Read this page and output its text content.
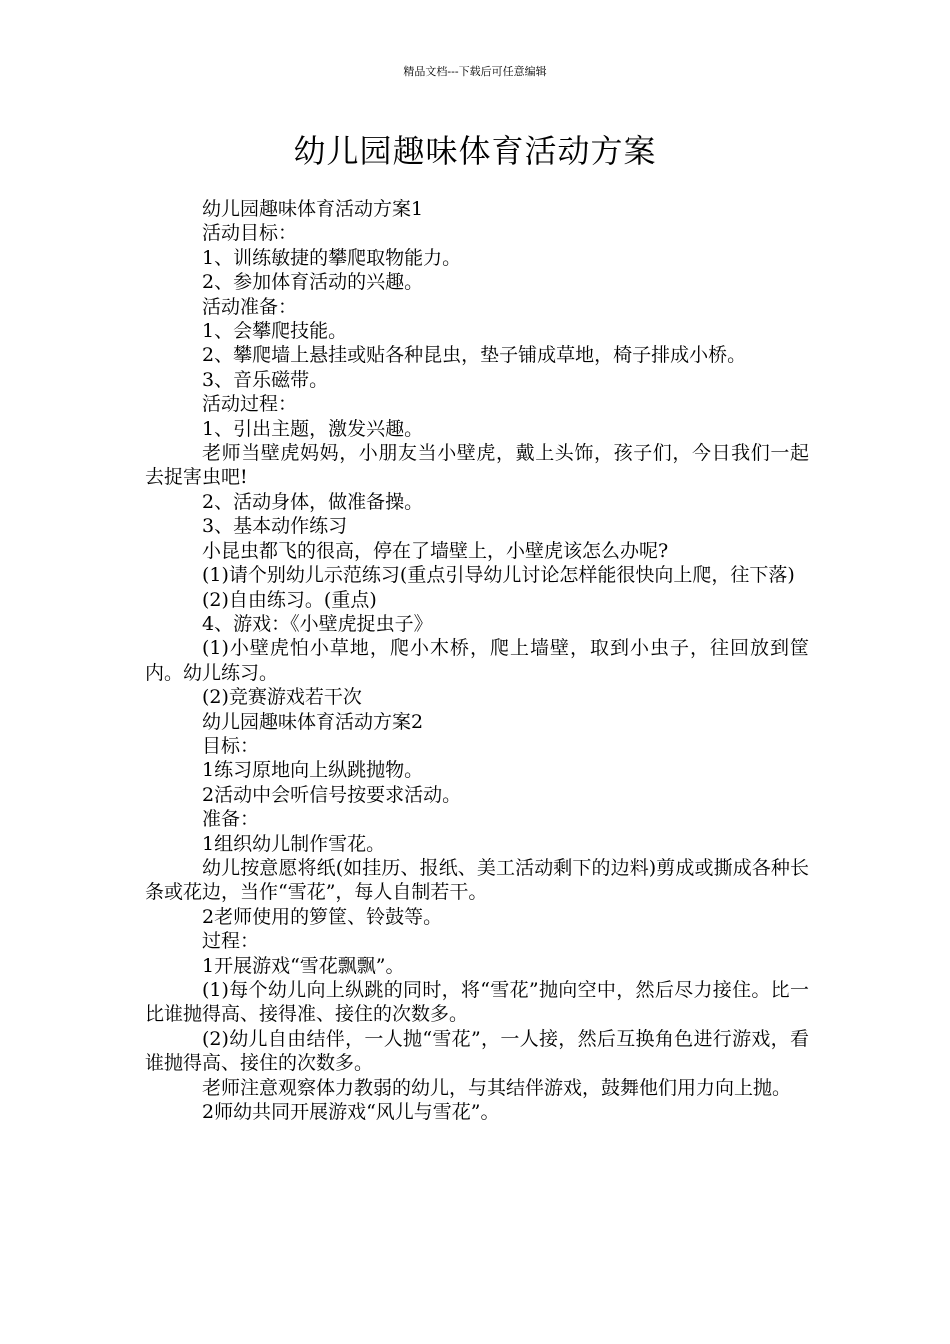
精品文档---下载后可任意编辑
幼儿园趣味体育活动方案

幼儿园趣味体育活动方案1

活动目标：

1、训练敏捷的攀爬取物能力。

2、参加体育活动的兴趣。

活动准备：

1、会攀爬技能。

2、攀爬墙上悬挂或贴各种昆虫，垫子铺成草地，椅子排成小桥。

3、音乐磁带。

活动过程：

1、引出主题，激发兴趣。

老师当壁虎妈妈，小朋友当小壁虎，戴上头饰，孩子们，今日我们一起去捉害虫吧!

2、活动身体，做准备操。

3、基本动作练习

小昆虫都飞的很高，停在了墙壁上，小壁虎该怎么办呢?

(1)请个别幼儿示范练习(重点引导幼儿讨论怎样能很快向上爬，往下落)

(2)自由练习。(重点)

4、游戏：《小壁虎捉虫子》

(1)小壁虎怕小草地，爬小木桥，爬上墙壁，取到小虫子，往回放到筐内。幼儿练习。

(2)竞赛游戏若干次

幼儿园趣味体育活动方案2

目标：

1练习原地向上纵跳抛物。

2活动中会听信号按要求活动。

准备：

1组织幼儿制作雪花。

幼儿按意愿将纸(如挂历、报纸、美工活动剩下的边料)剪成或撕成各种长条或花边，当作“雪花”，每人自制若干。

2老师使用的箩筐、铃鼓等。

过程：

1开展游戏“雪花飘飘”。

(1)每个幼儿向上纵跳的同时，将“雪花”抛向空中，然后尽力接住。比一比谁抛得高、接得准、接住的次数多。

(2)幼儿自由结伴，一人抛“雪花”，一人接，然后互换角色进行游戏，看谁抛得高、接住的次数多。

老师注意观察体力教弱的幼儿，与其结伴游戏，鼓舞他们用力向上抛。

2师幼共同开展游戏“风儿与雪花”。
